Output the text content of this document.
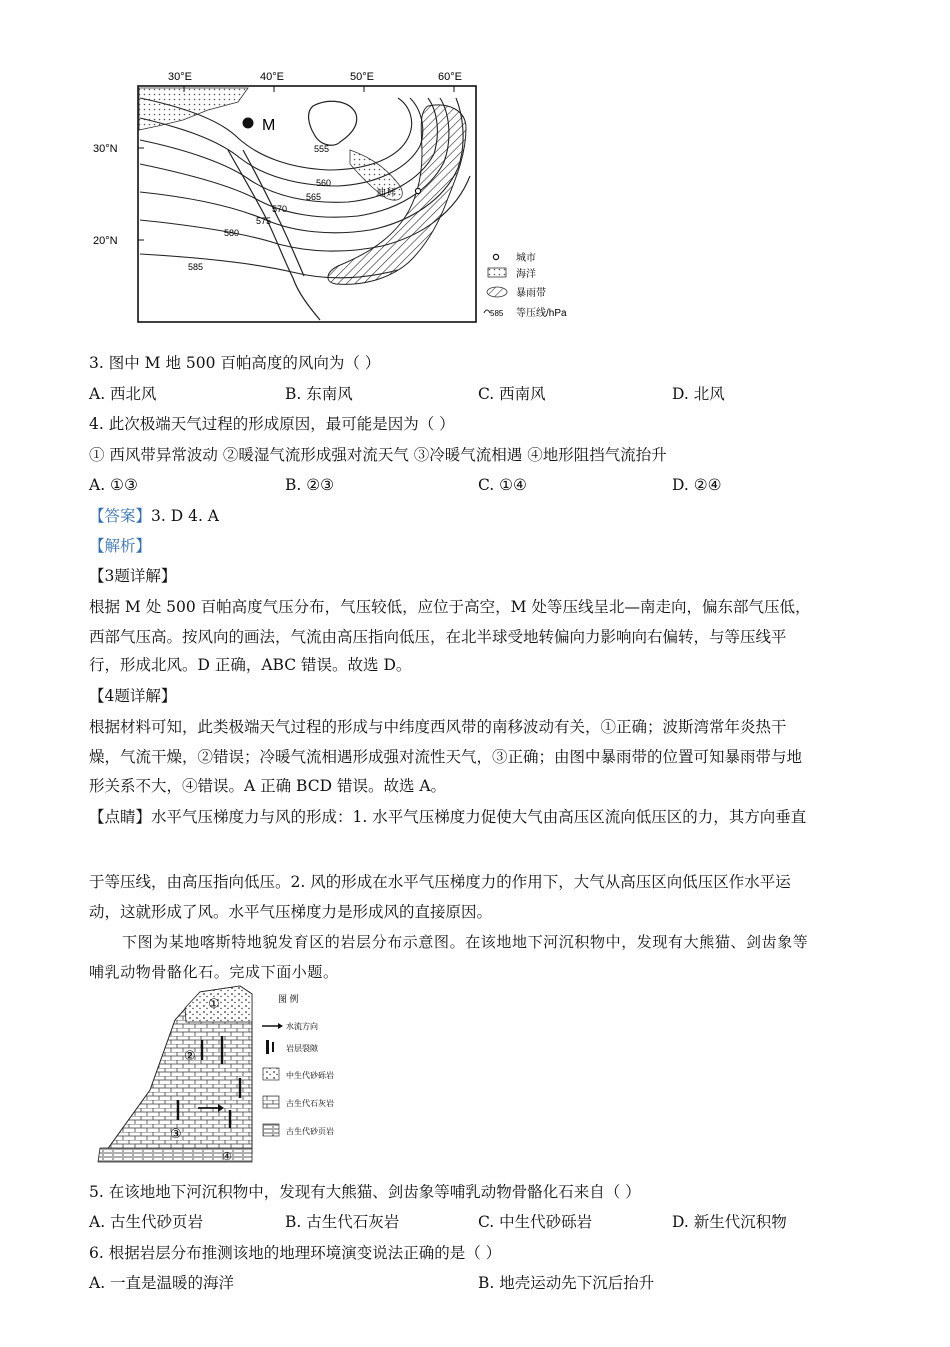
30°E	40°E	50°E	60°E
30°N
20°N
555
560
565
570
575
580
585
M
迪拜
城市
海洋
暴雨带
585 等压线/hPa
3. 图中 M 地 500 百帕高度的风向为（ ）
A. 西北风	B. 东南风	C. 西南风	D. 北风
4. 此次极端天气过程的形成原因，最可能是因为（ ）
① 西风带异常波动 ②暖湿气流形成强对流天气 ③冷暖气流相遇 ④地形阻挡气流抬升
A. ①③	B. ②③	C. ①④	D. ②④
【答案】3. D 4. A
【解析】
【3题详解】
根据 M 处 500 百帕高度气压分布，气压较低，应位于高空，M 处等压线呈北—南走向，偏东部气压低，
西部气压高。按风向的画法，气流由高压指向低压，在北半球受地转偏向力影响向右偏转，与等压线平
行，形成北风。D 正确，ABC 错误。故选 D。
【4题详解】
根据材料可知，此类极端天气过程的形成与中纬度西风带的南移波动有关，①正确；波斯湾常年炎热干
燥，气流干燥，②错误；冷暖气流相遇形成强对流性天气，③正确；由图中暴雨带的位置可知暴雨带与地
形关系不大，④错误。A 正确 BCD 错误。故选 A。
【点睛】水平气压梯度力与风的形成：1. 水平气压梯度力促使大气由高压区流向低压区的力，其方向垂直
于等压线，由高压指向低压。2. 风的形成在水平气压梯度力的作用下，大气从高压区向低压区作水平运
动，这就形成了风。水平气压梯度力是形成风的直接原因。
下图为某地喀斯特地貌发育区的岩层分布示意图。在该地地下河沉积物中，发现有大熊猫、剑齿象等
哺乳动物骨骼化石。完成下面小题。
①
②
③
④
图 例
水流方向
岩层裂隙
中生代砂砾岩
古生代石灰岩
古生代砂页岩
5. 在该地地下河沉积物中，发现有大熊猫、剑齿象等哺乳动物骨骼化石来自（ ）
A. 古生代砂页岩	B. 古生代石灰岩	C. 中生代砂砾岩	D. 新生代沉积物
6. 根据岩层分布推测该地的地理环境演变说法正确的是（ ）
A. 一直是温暖的海洋	B. 地壳运动先下沉后抬升
